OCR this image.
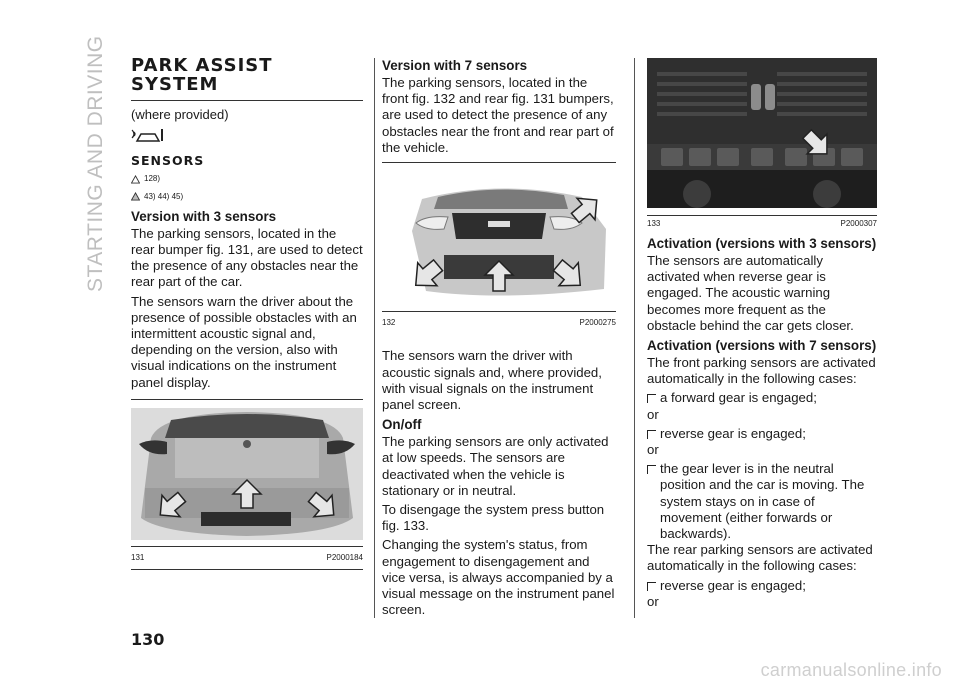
STARTING AND DRIVING PARK ASSIST
SYSTEM
(where provided)
SENSORS
128)
43) 44) 45)
Version with 3 sensors

The parking sensors, located in the rear bumper fig. 131, are used to detect the presence of any obstacles near the rear part of the car.

The sensors warn the driver about the presence of possible obstacles with an intermittent acoustic signal and, depending on the version, also with visual indications on the instrument panel display.

131	P2000184
Version with 7 sensors

The parking sensors, located in the front fig. 132 and rear fig. 131 bumpers, are used to detect the presence of any obstacles near the front and rear part of the vehicle.

132	P2000275

The sensors warn the driver with acoustic signals and, where provided, with visual signals on the instrument panel screen.

On/off

The parking sensors are only activated at low speeds. The sensors are deactivated when the vehicle is stationary or in neutral.

To disengage the system press button fig. 133.

Changing the system's status, from engagement to disengagement and vice versa, is always accompanied by a visual message on the instrument panel screen.

133	P2000307
Activation (versions with 3 sensors)

The sensors are automatically activated when reverse gear is engaged. The acoustic warning becomes more frequent as the obstacle behind the car gets closer.

Activation (versions with 7 sensors)

The front parking sensors are activated automatically in the following cases:

a forward gear is engaged;

or

reverse gear is engaged;

or

the gear lever is in the neutral position and the car is moving. The system stays on in case of movement (either forwards or backwards).

The rear parking sensors are activated automatically in the following cases:

reverse gear is engaged;

or

130
carmanualsonline.info
